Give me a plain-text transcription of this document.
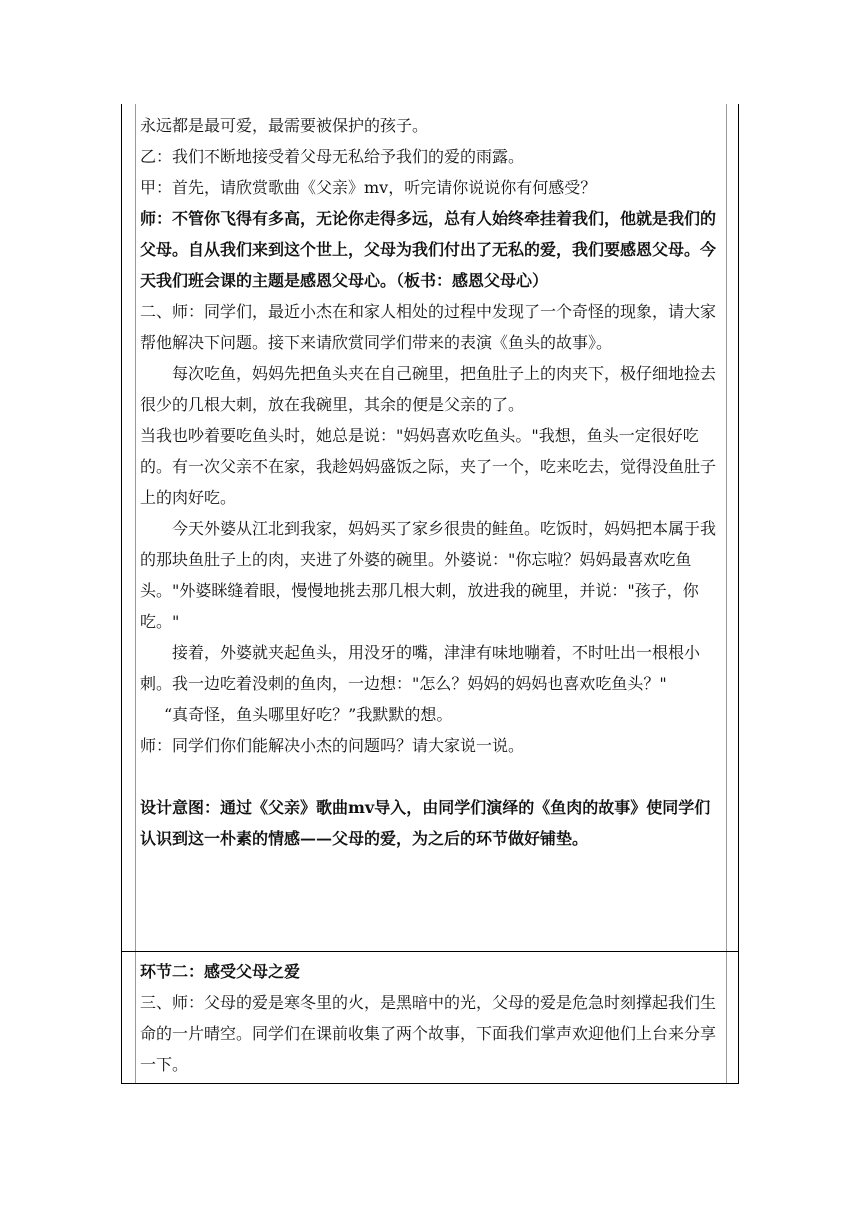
永远都是最可爱，最需要被保护的孩子。

乙：我们不断地接受着父母无私给予我们的爱的雨露。

甲：首先，请欣赏歌曲《父亲》mv，听完请你说说你有何感受？

师：不管你飞得有多高，无论你走得多远，总有人始终牵挂着我们，他就是我们的父母。自从我们来到这个世上，父母为我们付出了无私的爱，我们要感恩父母。今天我们班会课的主题是感恩父母心。（板书：感恩父母心）

二、师：同学们，最近小杰在和家人相处的过程中发现了一个奇怪的现象，请大家帮他解决下问题。接下来请欣赏同学们带来的表演《鱼头的故事》。

每次吃鱼，妈妈先把鱼头夹在自己碗里，把鱼肚子上的肉夹下，极仔细地捡去很少的几根大刺，放在我碗里，其余的便是父亲的了。

当我也吵着要吃鱼头时，她总是说："妈妈喜欢吃鱼头。"我想，鱼头一定很好吃的。有一次父亲不在家，我趁妈妈盛饭之际，夹了一个，吃来吃去，觉得没鱼肚子上的肉好吃。

今天外婆从江北到我家，妈妈买了家乡很贵的鲑鱼。吃饭时，妈妈把本属于我的那块鱼肚子上的肉，夹进了外婆的碗里。外婆说："你忘啦？妈妈最喜欢吃鱼头。"外婆眯缝着眼，慢慢地挑去那几根大刺，放进我的碗里，并说："孩子，你吃。"

接着，外婆就夹起鱼头，用没牙的嘴，津津有味地嘣着，不时吐出一根根小刺。我一边吃着没刺的鱼肉，一边想："怎么？妈妈的妈妈也喜欢吃鱼头？"

“真奇怪，鱼头哪里好吃？”我默默的想。

师：同学们你们能解决小杰的问题吗？请大家说一说。

设计意图：通过《父亲》歌曲mv导入，由同学们演绎的《鱼肉的故事》使同学们认识到这一朴素的情感——父母的爱，为之后的环节做好铺垫。

环节二：感受父母之爱

三、师：父母的爱是寒冬里的火，是黑暗中的光，父母的爱是危急时刻撑起我们生命的一片晴空。同学们在课前收集了两个故事，下面我们掌声欢迎他们上台来分享一下。
